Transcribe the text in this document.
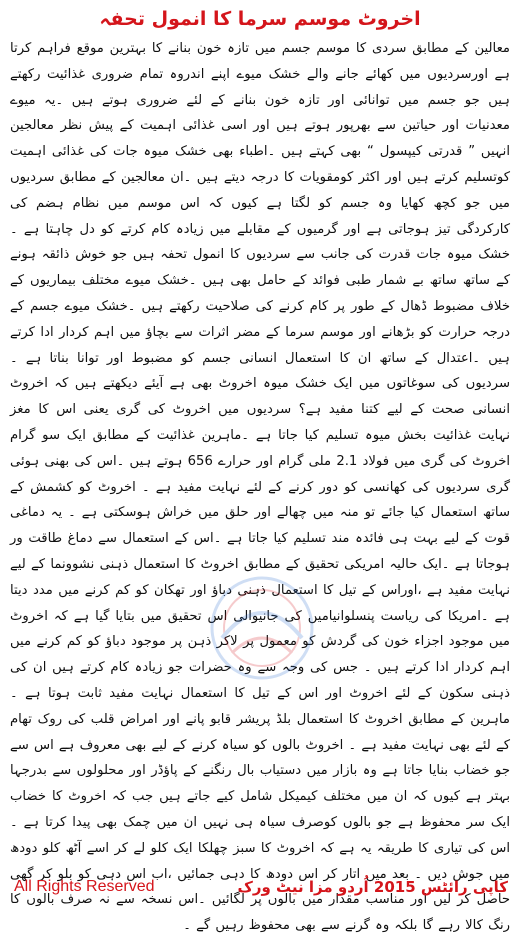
اخروٹ موسم سرما کا انمول تحفہ

معالین کے مطابق سردی کا موسم جسم میں تازہ خون بنانے کا بہترین موقع فراہم کرتا ہے اورسردیوں میں کھائے جانے والے خشک میوے اپنے اندروہ تمام ضروری غذائیت رکھتے ہیں جو جسم میں توانائی اور تازہ خون بنانے کے لئے ضروری ہوتے ہیں ۔یہ میوے معدنیات اور حیاتین سے بھرپور ہوتے ہیں اور اسی غذائی اہمیت کے پیش نظر معالجین انہیں ” قدرتی کیپسول “ بھی کہتے ہیں ۔اطباء بھی خشک میوہ جات کی غذائی اہمیت کوتسلیم کرتے ہیں اور اکثر کومقویات کا درجہ دیتے ہیں ۔ان معالجین کے مطابق سردیوں میں جو کچھ کھایا وہ جسم کو لگتا ہے کیوں کہ اس موسم میں نظام ہضم کی کارکردگی تیز ہوجاتی ہے اور گرمیوں کے مقابلے میں زیادہ کام کرتے کو دل چاہتا ہے ۔ خشک میوہ جات قدرت کی جانب سے سردیوں کا انمول تحفہ ہیں جو خوش ذائقہ ہونے کے ساتھ ساتھ بے شمار طبی فوائد کے حامل بھی ہیں ۔خشک میوے مختلف بیماریوں کے خلاف مضبوط ڈھال کے طور پر کام کرنے کی صلاحیت رکھتے ہیں ۔خشک میوے جسم کے درجہ حرارت کو بڑھانے اور موسم سرما کے مضر اثرات سے بچاؤ میں اہم کردار ادا کرتے ہیں ۔اعتدال کے ساتھ ان کا استعمال انسانی جسم کو مضبوط اور توانا بناتا ہے ۔سردیوں کی سوغاتوں میں ایک خشک میوہ اخروٹ بھی ہے آیئے دیکھتے ہیں کہ اخروٹ انسانی صحت کے لیے کتنا مفید ہے؟ سردیوں میں اخروٹ کی گری یعنی اس کا مغز نہایت غذائیت بخش میوہ تسلیم کیا جاتا ہے ۔ماہرین غذائیت کے مطابق ایک سو گرام اخروٹ کی گری میں فولاد 2.1 ملی گرام اور حرارے 656 ہوتے ہیں ۔اس کی بھنی ہوئی گری سردیوں کی کھانسی کو دور کرنے کے لئے نہایت مفید ہے ۔ اخروٹ کو کشمش کے ساتھ استعمال کیا جائے تو منہ میں چھالے اور حلق میں خراش ہوسکتی ہے ۔ یہ دماغی قوت کے لیے بہت ہی فائدہ مند تسلیم کیا جاتا ہے ۔اس کے استعمال سے دماغ طاقت ور ہوجاتا ہے ۔ایک حالیہ امریکی تحقیق کے مطابق اخروٹ کا استعمال ذہنی نشوونما کے لیے نہایت مفید ہے ،اوراس کے تیل کا استعمال ذہنی دباؤ اور تھکان کو کم کرنے میں مدد دیتا ہے ۔امریکا کی ریاست پنسلوانیامیں کی جانیوالی اس تحقیق میں بتایا گیا ہے کہ اخروٹ میں موجود اجزاء خون کی گردش کو معمول پر لاکر ذہن پر موجود دباؤ کو کم کرنے میں اہم کردار ادا کرتے ہیں ۔ جس کی وجہ سے وہ حضرات جو زیادہ کام کرتے ہیں ان کی ذہنی سکون کے لئے اخروٹ اور اس کے تیل کا استعمال نہایت مفید ثابت ہوتا ہے ۔ ماہرین کے مطابق اخروٹ کا استعمال بلڈ پریشر قابو پانے اور امراض قلب کی روک تھام کے لئے بھی نہایت مفید ہے ۔ اخروٹ بالوں کو سیاہ کرنے کے لیے بھی معروف ہے اس سے جو خضاب بنایا جاتا ہے وہ بازار میں دستیاب بال رنگنے کے پاؤڈر اور محلولوں سے بدرجہا بہتر ہے کیوں کہ ان میں مختلف کیمیکل شامل کیے جاتے ہیں جب کہ اخروٹ کا خضاب ایک سر محفوظ ہے جو بالوں کوصرف سیاہ ہی نہیں ان میں چمک بھی پیدا کرتا ہے ۔اس کی تیاری کا طریقہ یہ ہے کہ اخروٹ کا سبز چھلکا ایک کلو لے کر اسے آٹھ کلو دودھ میں جوش دیں ۔ بعد میں اتار کر اس دودھ کا دہی جمائیں ،اب اس دہی کو بلو کر گھی حاصل کر لیں اور مناسب مقدار میں بالوں پر لگائیں ۔اس نسخہ سے نہ صرف بالوں کا رنگ کالا رہے گا بلکہ وہ گرنے سے بھی محفوظ رہیں گے ۔

All Rights Reserved	کاپی رائٹس 2015 اُردو مزا نیٹ ورک
